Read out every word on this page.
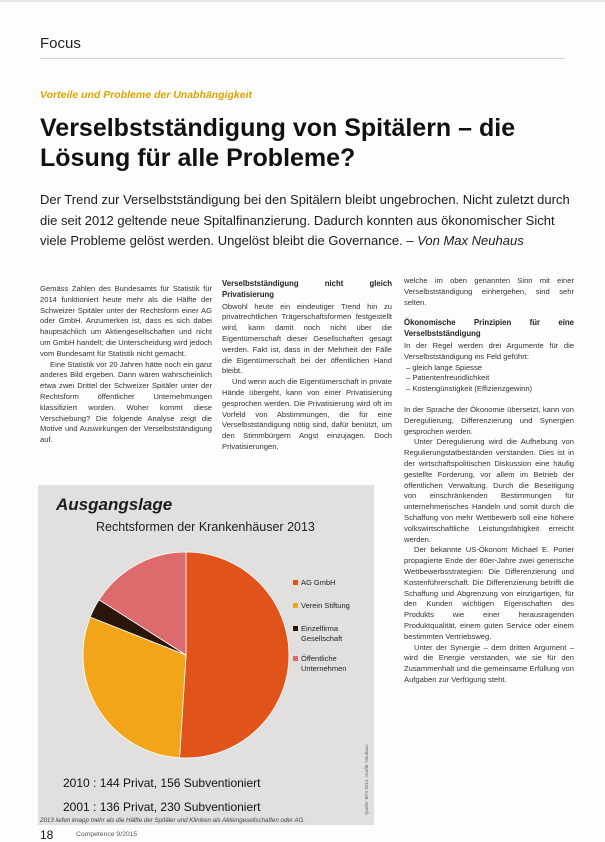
Focus
Vorteile und Probleme der Unabhängigkeit
Verselbstständigung von Spitälern – die Lösung für alle Probleme?
Der Trend zur Verselbstständigung bei den Spitälern bleibt ungebrochen. Nicht zuletzt durch die seit 2012 geltende neue Spitalfinanzierung. Dadurch konnten aus ökonomischer Sicht viele Probleme gelöst werden. Ungelöst bleibt die Governance. – Von Max Neuhaus

Gemäss Zahlen des Bundesamts für Statistik für 2014 funktioniert heute mehr als die Hälfte der Schweizer Spitäler unter der Rechtsform einer AG oder GmbH. Anzumerken ist, dass es sich dabei hauptsächlich um Aktiengesellschaften und nicht um GmbH handelt; die Unterscheidung wird jedoch vom Bundesamt für Statistik nicht gemacht.

Eine Statistik vor 20 Jahren hätte noch ein ganz anderes Bild ergeben. Dann wären wahrscheinlich etwa zwei Drittel der Schweizer Spitäler unter der Rechtsform öffentlicher Unternehmungen klassifiziert worden. Woher kommt diese Verschiebung? Die folgende Analyse zeigt die Motive und Auswirkungen der Verselbstständigung auf.

Verselbstständigung nicht gleich Privatisierung

Obwohl heute ein eindeutiger Trend hin zu privatrechtlichen Trägerschaftsformen festgestellt wird, kann damit noch nicht über die Eigentümerschaft dieser Gesellschaften gesagt werden. Fakt ist, dass in der Mehrheit der Fälle die Eigentümerschaft bei der öffentlichen Hand bleibt.

Und wenn auch die Eigentümerschaft in private Hände übergeht, kann von einer Privatisierung gesprochen werden. Die Privatisierung wird oft im Vorfeld von Abstimmungen, die für eine Verselbstständigung nötig sind, dafür benützt, um den Stimmbürgern Angst einzujagen. Doch Privatisierungen,

welche im oben genannten Sinn mit einer Verselbstständigung einhergehen, sind sehr selten.

Ökonomische Prinzipien für eine Verselbstständigung

In der Regel werden drei Argumente für die Verselbstständigung ins Feld geführt:

– gleich lange Spiesse
– Patientenfreundlichkeit
– Kostengünstigkeit (Effizienzgewinn)

In der Sprache der Ökonomie übersetzt, kann von Deregulierung, Differenzierung und Synergien gesprochen werden.

Unter Deregulierung wird die Aufhebung von Regulierungstatbeständen verstanden. Dies ist in der wirtschaftspolitischen Diskussion eine häufig gestellte Forderung, vor allem im Betrieb der öffentlichen Verwaltung. Durch die Beseitigung von einschränkenden Bestimmungen für unternehmerisches Handeln und somit durch die Schaffung von mehr Wettbewerb soll eine höhere volkswirtschaftliche Leistungsfähigkeit erreicht werden.

Der bekannte US-Ökonom Michael E. Porter propagierte Ende der 80er-Jahre zwei generische Wettbewerbsstrategien: Die Differenzierung und Kostenführerschaft. Die Differenzierung betrifft die Schaffung und Abgrenzung von einzigartigen, für den Kunden wichtigen Eigenschaften des Produkts wie einer herausragenden Produktqualität, einem guten Service oder einem bestimmten Vertriebsweg.

Unter der Synergie – dem dritten Argument – wird die Energie verstanden, wie sie für den Zusammenhalt und die gemeinsame Erfüllung von Aufgaben zur Verfügung steht.

Ausgangslage
Rechtsformen der Krankenhäuser 2013
AG GmbH
Verein Stiftung
Einzelfirma
Gesellschaft
Öffentliche
Unternehmen
2010 : 144 Privat, 156 Subventioniert
2001 : 136 Privat, 230 Subventioniert	Quelle: BFS 2014, Grafik: Neuhaus
2013 liefen knapp mehr als die Hälfte der Spitäler und Kliniken als Aktiengesellschaften oder AG.
18	Competence 9/2015
